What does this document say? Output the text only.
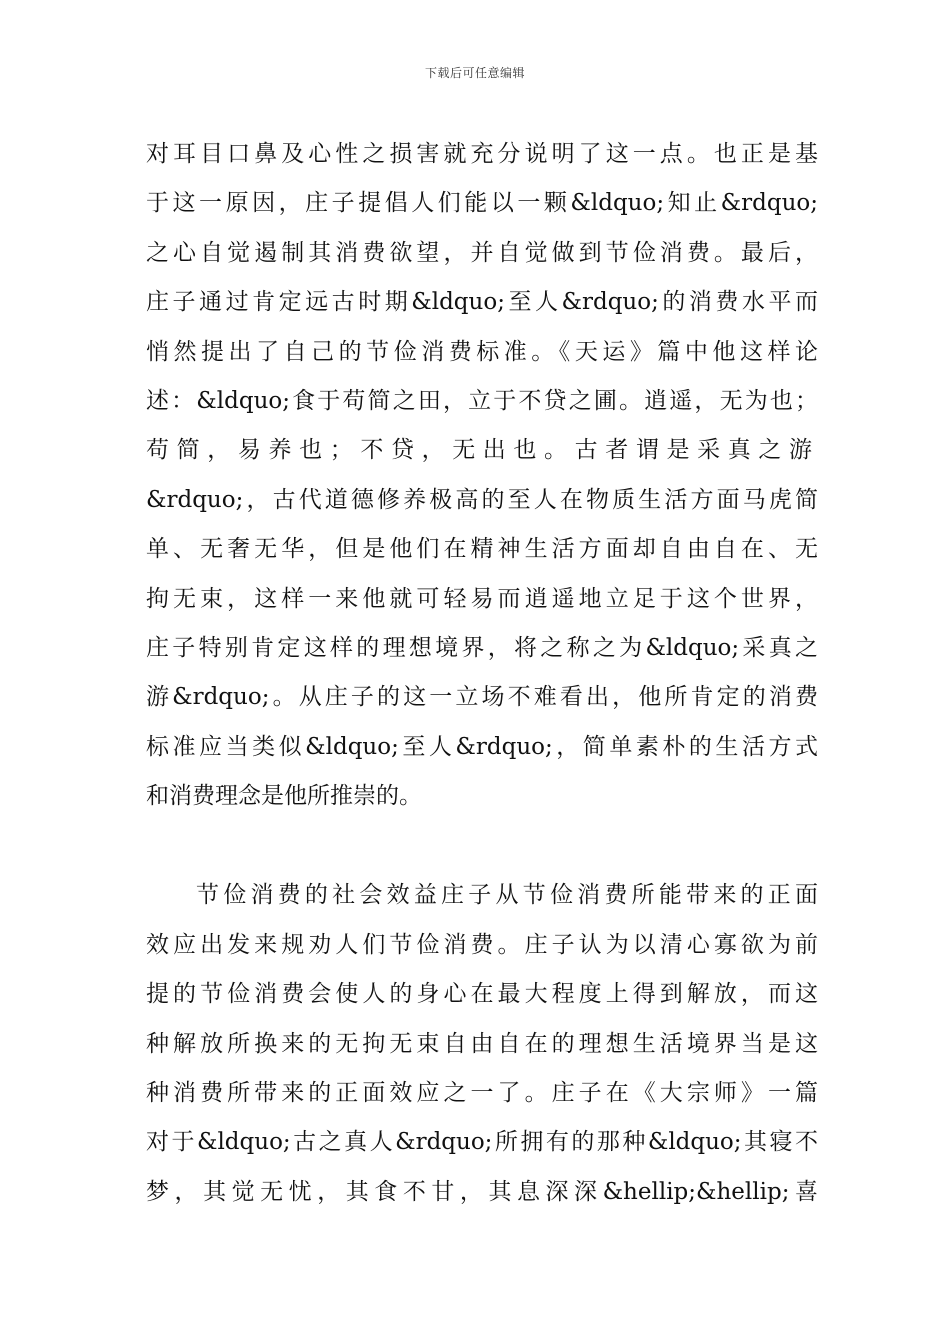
下载后可任意编辑
对耳目口鼻及心性之损害就充分说明了这一点。也正是基
于这一原因，庄子提倡人们能以一颗&ldquo;知止&rdquo;
之心自觉遏制其消费欲望，并自觉做到节俭消费。最后，
庄子通过肯定远古时期&ldquo;至人&rdquo;的消费水平而
悄然提出了自己的节俭消费标准。《天运》篇中他这样论
述：&ldquo;食于苟简之田，立于不贷之圃。逍遥，无为也；
苟简，易养也；不贷，无出也。古者谓是采真之游
&rdquo;，古代道德修养极高的至人在物质生活方面马虎简
单、无奢无华，但是他们在精神生活方面却自由自在、无
拘无束，这样一来他就可轻易而逍遥地立足于这个世界，
庄子特别肯定这样的理想境界，将之称之为&ldquo;采真之
游&rdquo;。从庄子的这一立场不难看出，他所肯定的消费
标准应当类似&ldquo;至人&rdquo;，简单素朴的生活方式
和消费理念是他所推崇的。
节俭消费的社会效益庄子从节俭消费所能带来的正面
效应出发来规劝人们节俭消费。庄子认为以清心寡欲为前
提的节俭消费会使人的身心在最大程度上得到解放，而这
种解放所换来的无拘无束自由自在的理想生活境界当是这
种消费所带来的正面效应之一了。庄子在《大宗师》一篇
对于&ldquo;古之真人&rdquo;所拥有的那种&ldquo;其寝不
梦，其觉无忧，其食不甘，其息深深&hellip;&hellip;喜
